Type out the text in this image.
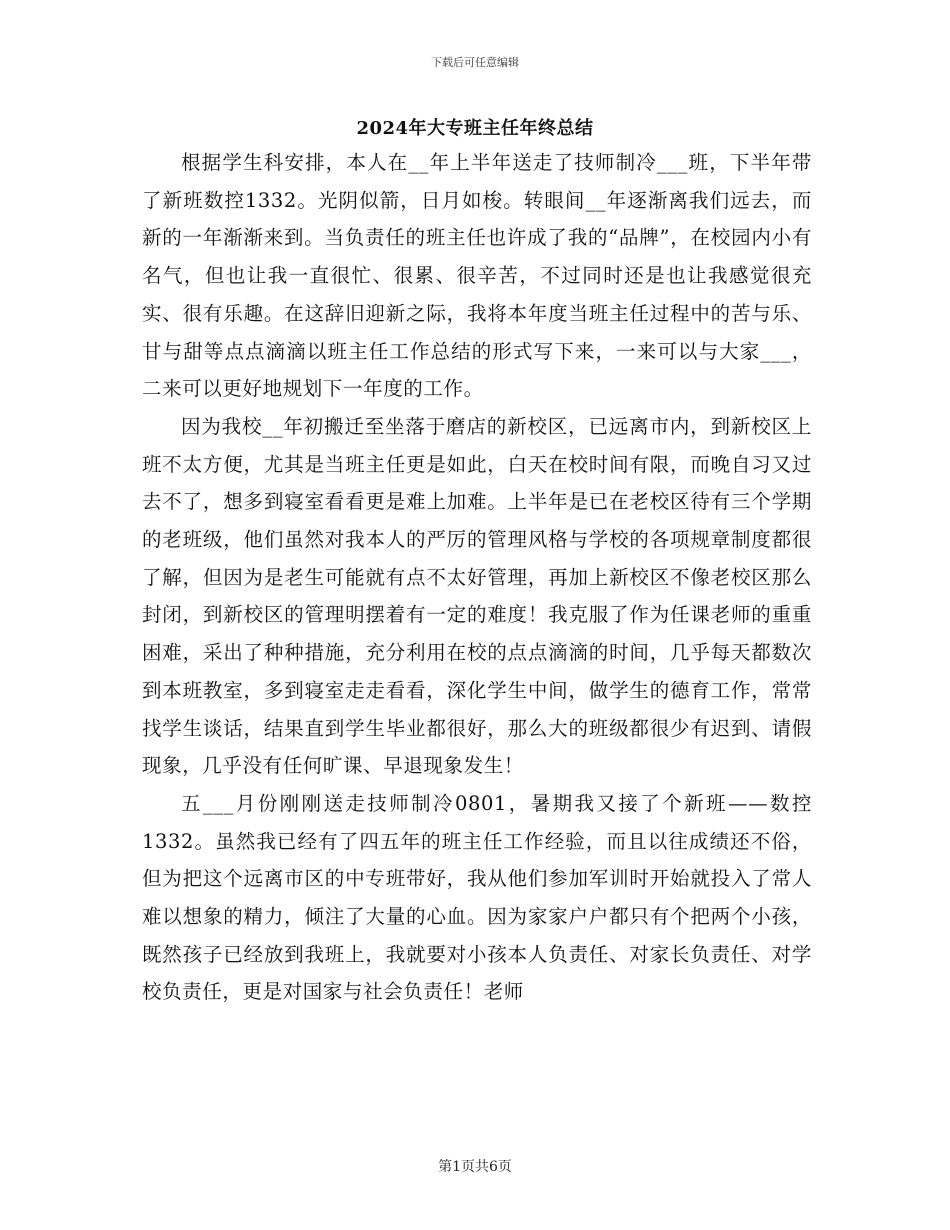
下载后可任意编辑
2024年大专班主任年终总结

根据学生科安排，本人在__年上半年送走了技师制冷___班，下半年带了新班数控1332。光阴似箭，日月如梭。转眼间__年逐渐离我们远去，而新的一年渐渐来到。当负责任的班主任也许成了我的“品牌”，在校园内小有名气，但也让我一直很忙、很累、很辛苦，不过同时还是也让我感觉很充实、很有乐趣。在这辞旧迎新之际，我将本年度当班主任过程中的苦与乐、甘与甜等点点滴滴以班主任工作总结的形式写下来，一来可以与大家___，二来可以更好地规划下一年度的工作。

因为我校__年初搬迁至坐落于磨店的新校区，已远离市内，到新校区上班不太方便，尤其是当班主任更是如此，白天在校时间有限，而晚自习又过去不了，想多到寝室看看更是难上加难。上半年是已在老校区待有三个学期的老班级，他们虽然对我本人的严厉的管理风格与学校的各项规章制度都很了解，但因为是老生可能就有点不太好管理，再加上新校区不像老校区那么封闭，到新校区的管理明摆着有一定的难度！我克服了作为任课老师的重重困难，采出了种种措施，充分利用在校的点点滴滴的时间，几乎每天都数次到本班教室，多到寝室走走看看，深化学生中间，做学生的德育工作，常常找学生谈话，结果直到学生毕业都很好，那么大的班级都很少有迟到、请假现象，几乎没有任何旷课、早退现象发生！

五___月份刚刚送走技师制冷0801，暑期我又接了个新班——数控1332。虽然我已经有了四五年的班主任工作经验，而且以往成绩还不俗，但为把这个远离市区的中专班带好，我从他们参加军训时开始就投入了常人难以想象的精力，倾注了大量的心血。因为家家户户都只有个把两个小孩，既然孩子已经放到我班上，我就要对小孩本人负责任、对家长负责任、对学校负责任，更是对国家与社会负责任！老师

第1页共6页
